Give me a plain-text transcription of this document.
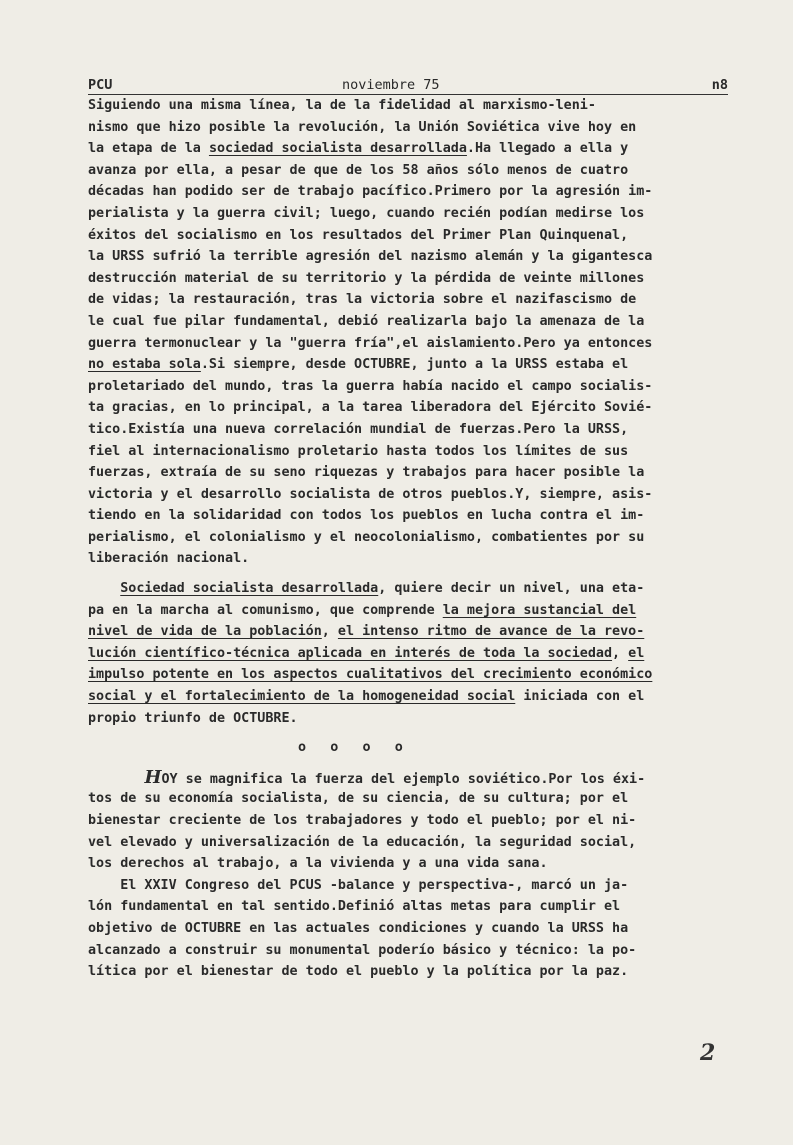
PCU	noviembre 75	n8
Siguiendo una misma línea, la de la fidelidad al marxismo-leni-
nismo que hizo posible la revolución, la Unión Soviética vive hoy en
la etapa de la sociedad socialista desarrollada.Ha llegado a ella y
avanza por ella, a pesar de que de los 58 años sólo menos de cuatro
décadas han podido ser de trabajo pacífico.Primero por la agresión im-
perialista y la guerra civil; luego, cuando recién podían medirse los
éxitos del socialismo en los resultados del Primer Plan Quinquenal,
la URSS sufrió la terrible agresión del nazismo alemán y la gigantesca
destrucción material de su territorio y la pérdida de veinte millones
de vidas; la restauración, tras la victoria sobre el nazifascismo de
le cual fue pilar fundamental, debió realizarla bajo la amenaza de la
guerra termonuclear y la "guerra fría",el aislamiento.Pero ya entonces
no estaba sola.Si siempre, desde OCTUBRE, junto a la URSS estaba el
proletariado del mundo, tras la guerra había nacido el campo socialis-
ta gracias, en lo principal, a la tarea liberadora del Ejército Sovié-
tico.Existía una nueva correlación mundial de fuerzas.Pero la URSS,
fiel al internacionalismo proletario hasta todos los límites de sus
fuerzas, extraía de su seno riquezas y trabajos para hacer posible la
victoria y el desarrollo socialista de otros pueblos.Y, siempre, asis-
tiendo en la solidaridad con todos los pueblos en lucha contra el im-
perialismo, el colonialismo y el neocolonialismo, combatientes por su
liberación nacional.
Sociedad socialista desarrollada, quiere decir un nivel, una eta-
pa en la marcha al comunismo, que comprende la mejora sustancial del
nivel de vida de la población, el intenso ritmo de avance de la revo-
lución científico-técnica aplicada en interés de toda la sociedad, el
impulso potente en los aspectos cualitativos del crecimiento económico
social y el fortalecimiento de la homogeneidad social iniciada con el
propio triunfo de OCTUBRE.
o   o   o   o
HOY se magnifica la fuerza del ejemplo soviético.Por los éxi-
tos de su economía socialista, de su ciencia, de su cultura; por el
bienestar creciente de los trabajadores y todo el pueblo; por el ni-
vel elevado y universalización de la educación, la seguridad social,
los derechos al trabajo, a la vivienda y a una vida sana.
El XXIV Congreso del PCUS -balance y perspectiva-, marcó un ja-
lón fundamental en tal sentido.Definió altas metas para cumplir el
objetivo de OCTUBRE en las actuales condiciones y cuando la URSS ha
alcanzado a construir su monumental poderío básico y técnico: la po-
lítica por el bienestar de todo el pueblo y la política por la paz.
2
